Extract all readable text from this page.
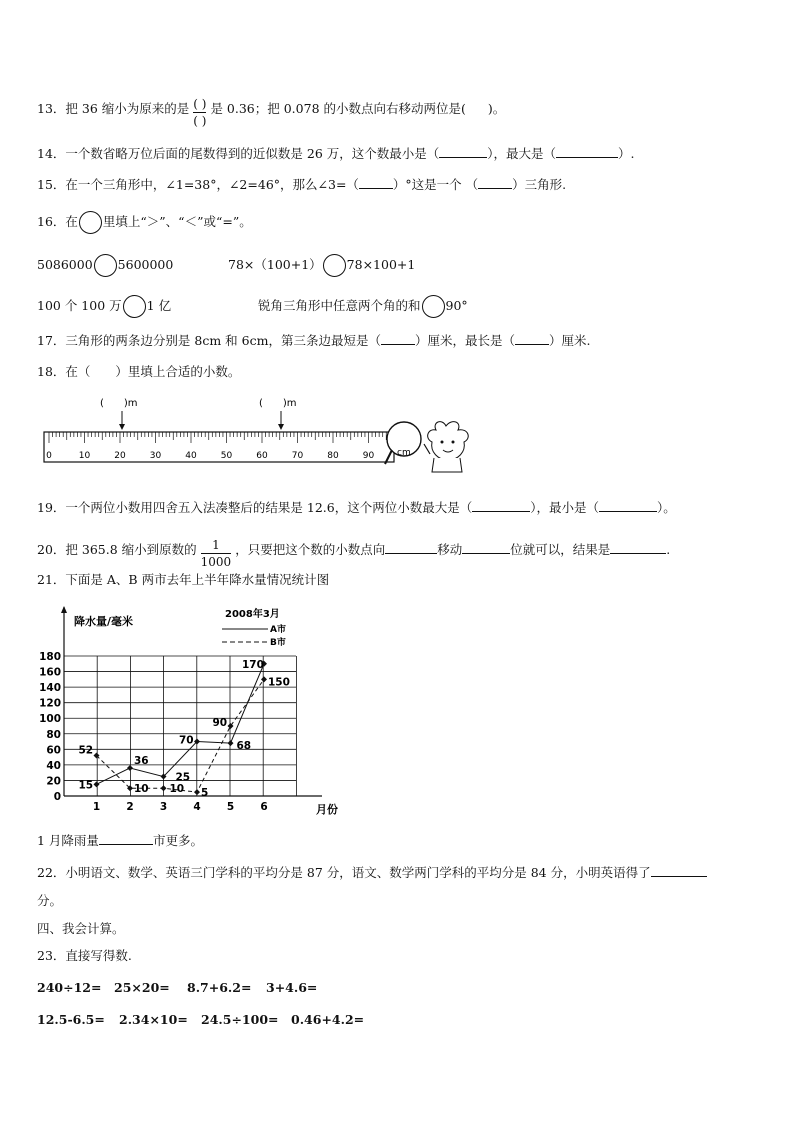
13．把 36 缩小为原来的是 $\frac{( )}{( )}$ 是 0.36；把 0.078 的小数点向右移动两位是( )。
14．一个数省略万位后面的尾数得到的近似数是 26 万，这个数最小是（	），最大是（	）.
15．在一个三角形中，∠1=38°，∠2=46°，那么∠3=（	）°这是一个 （	）三角形.
16．在 里填上“＞”、“＜”或“=”。
5086000 5600000	78×（100+1） 78×100+1
100 个 100 万 1 亿	锐角三角形中任意两个角的和 90°
17．三角形的两条边分别是 8cm 和 6cm，第三条边最短是（	）厘米，最长是（	）厘米.
18．在（　　）里填上合适的小数。
(　　)m	(　　)m
0	10	20	30	40	50	60	70	80	90	cm
19．一个两位小数用四舍五入法凑整后的结果是 12.6，这个两位小数最大是（	），最小是（	）。
20．把 365.8 缩小到原数的 $\frac{1}{1000}$ ，只要把这个数的小数点向	移动	位就可以，结果是	.
21．下面是 A、B 两市去年上半年降水量情况统计图
降水量/毫米
2008年3月
A市
B市
0
20
40
60
80
100
120
140
160
180
1 2 3 4 5 6
15
36
25
70	68
170
52
10 10 5
90
150
月份
1 月降雨量	市更多。
22．小明语文、数学、英语三门学科的平均分是 87 分，语文、数学两门学科的平均分是 84 分，小明英语得了
分。
四、我会计算。
23．直接写得数.
240÷12= 25×20= 8.7+6.2= 3+4.6=
12.5-6.5= 2.34×10= 24.5÷100= 0.46+4.2=
